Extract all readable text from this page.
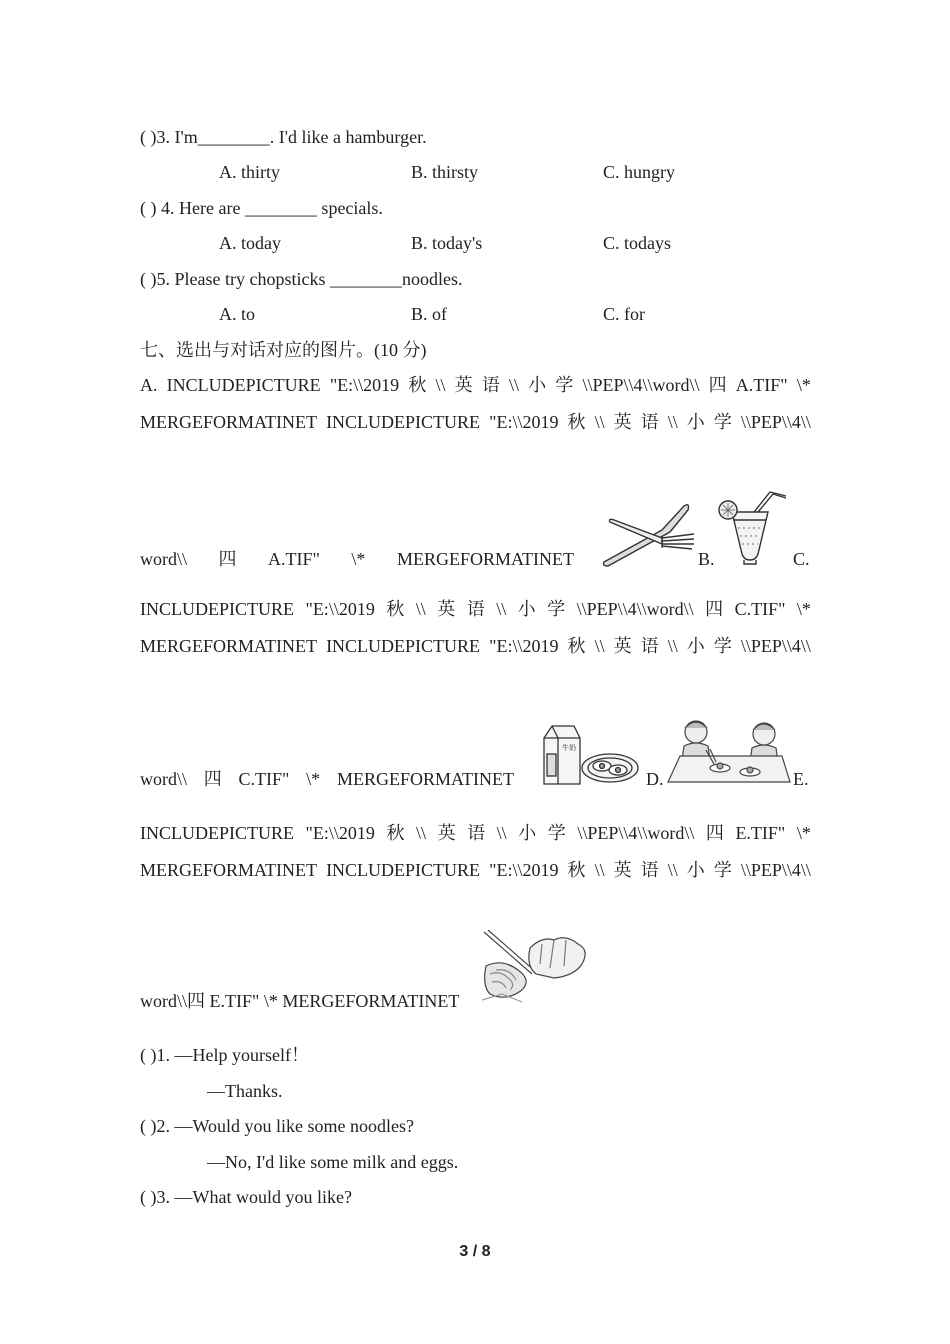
( )3. I'm________. I'd like a hamburger.
A. thirty	B. thirsty	C. hungry
( ) 4. Here are ________ specials.
A. today	B. today's	C. todays
( )5. Please try chopsticks ________noodles.
A. to	B. of	C. for
七、选出与对话对应的图片。(10 分)
A. INCLUDEPICTURE "E:\\2019 秋 \\ 英 语 \\ 小 学 \\PEP\\4\\word\\ 四 A.TIF" \*
MERGEFORMATINET INCLUDEPICTURE "E:\\2019 秋 \\ 英 语 \\ 小 学 \\PEP\\4\\
word\\ 四 A.TIF" \* MERGEFORMATINET	B.	C.
INCLUDEPICTURE "E:\\2019 秋 \\ 英 语 \\ 小 学 \\PEP\\4\\word\\ 四 C.TIF" \*
MERGEFORMATINET INCLUDEPICTURE "E:\\2019 秋 \\ 英 语 \\ 小 学 \\PEP\\4\\
word\\ 四 C.TIF" \* MERGEFORMATINET
牛奶
D.	E.
INCLUDEPICTURE "E:\\2019 秋 \\ 英 语 \\ 小 学 \\PEP\\4\\word\\ 四 E.TIF" \*
MERGEFORMATINET INCLUDEPICTURE "E:\\2019 秋 \\ 英 语 \\ 小 学 \\PEP\\4\\
word\\四 E.TIF" \* MERGEFORMATINET
( )1. —Help yourself！
—Thanks.
( )2. —Would you like some noodles?
—No, I'd like some milk and eggs.
( )3. —What would you like?
3 / 8
